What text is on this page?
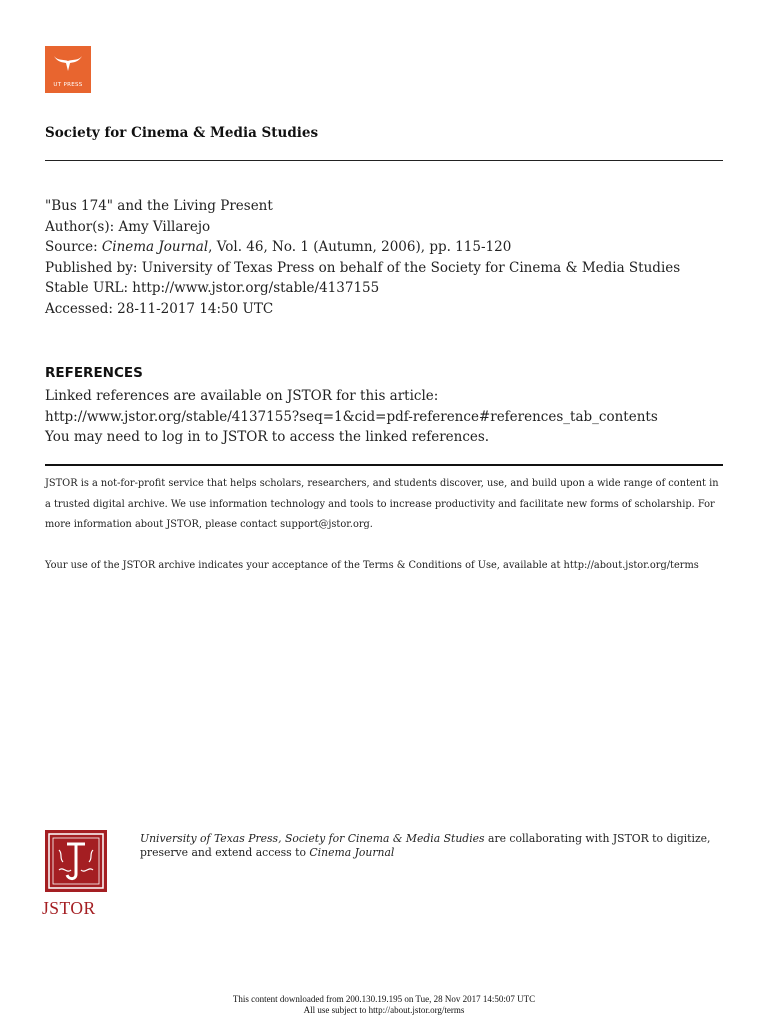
UT PRESS
Society for Cinema & Media Studies
"Bus 174" and the Living Present
Author(s): Amy Villarejo
Source: Cinema Journal, Vol. 46, No. 1 (Autumn, 2006), pp. 115-120
Published by: University of Texas Press on behalf of the Society for Cinema & Media Studies
Stable URL: http://www.jstor.org/stable/4137155
Accessed: 28-11-2017 14:50 UTC
REFERENCES
Linked references are available on JSTOR for this article:
http://www.jstor.org/stable/4137155?seq=1&cid=pdf-reference#references_tab_contents
You may need to log in to JSTOR to access the linked references.
JSTOR is a not-for-profit service that helps scholars, researchers, and students discover, use, and build upon a wide range of content in a trusted digital archive. We use information technology and tools to increase productivity and facilitate new forms of scholarship. For more information about JSTOR, please contact support@jstor.org.
Your use of the JSTOR archive indicates your acceptance of the Terms & Conditions of Use, available at http://about.jstor.org/terms
JSTOR
University of Texas Press, Society for Cinema & Media Studies are collaborating with JSTOR to digitize, preserve and extend access to Cinema Journal
This content downloaded from 200.130.19.195 on Tue, 28 Nov 2017 14:50:07 UTC
All use subject to http://about.jstor.org/terms
